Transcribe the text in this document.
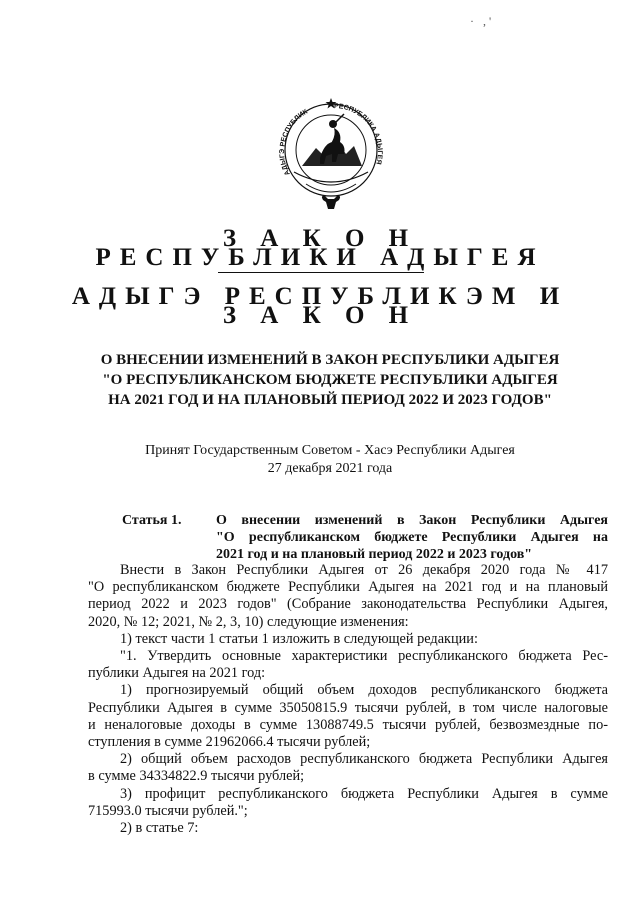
· ,'
АДЫГЭ РЕСПУБЛИК
РЕСПУБЛИКА АДЫГЕЯ
З А К О Н
РЕСПУБЛИКИ АДЫГЕЯ
АДЫГЭ РЕСПУБЛИКЭМ И
З А К О Н
О ВНЕСЕНИИ ИЗМЕНЕНИЙ В ЗАКОН РЕСПУБЛИКИ АДЫГЕЯ
"О РЕСПУБЛИКАНСКОМ БЮДЖЕТЕ РЕСПУБЛИКИ АДЫГЕЯ
НА 2021 ГОД И НА ПЛАНОВЫЙ ПЕРИОД 2022 И 2023 ГОДОВ"
Принят Государственным Советом - Хасэ Республики Адыгея
27 декабря 2021 года
Статья 1. О внесении изменений в Закон Республики Адыгея
"О республиканском бюджете Республики Адыгея на
2021 год и на плановый период 2022 и 2023 годов"

Внести в Закон Республики Адыгея от 26 декабря 2020 года № 417

"О республиканском бюджете Республики Адыгея на 2021 год и на плановый

период 2022 и 2023 годов" (Собрание законодательства Республики Адыгея,

2020, № 12; 2021, № 2, 3, 10) следующие изменения:

1) текст части 1 статьи 1 изложить в следующей редакции:

"1. Утвердить основные характеристики республиканского бюджета Рес-

публики Адыгея на 2021 год:

1) прогнозируемый общий объем доходов республиканского бюджета

Республики Адыгея в сумме 35050815.9 тысячи рублей, в том числе налоговые

и неналоговые доходы в сумме 13088749.5 тысячи рублей, безвозмездные по-

ступления в сумме 21962066.4 тысячи рублей;

2) общий объем расходов республиканского бюджета Республики Адыгея

в сумме 34334822.9 тысячи рублей;

3) профицит республиканского бюджета Республики Адыгея в сумме

715993.0 тысячи рублей.";

2) в статье 7:
